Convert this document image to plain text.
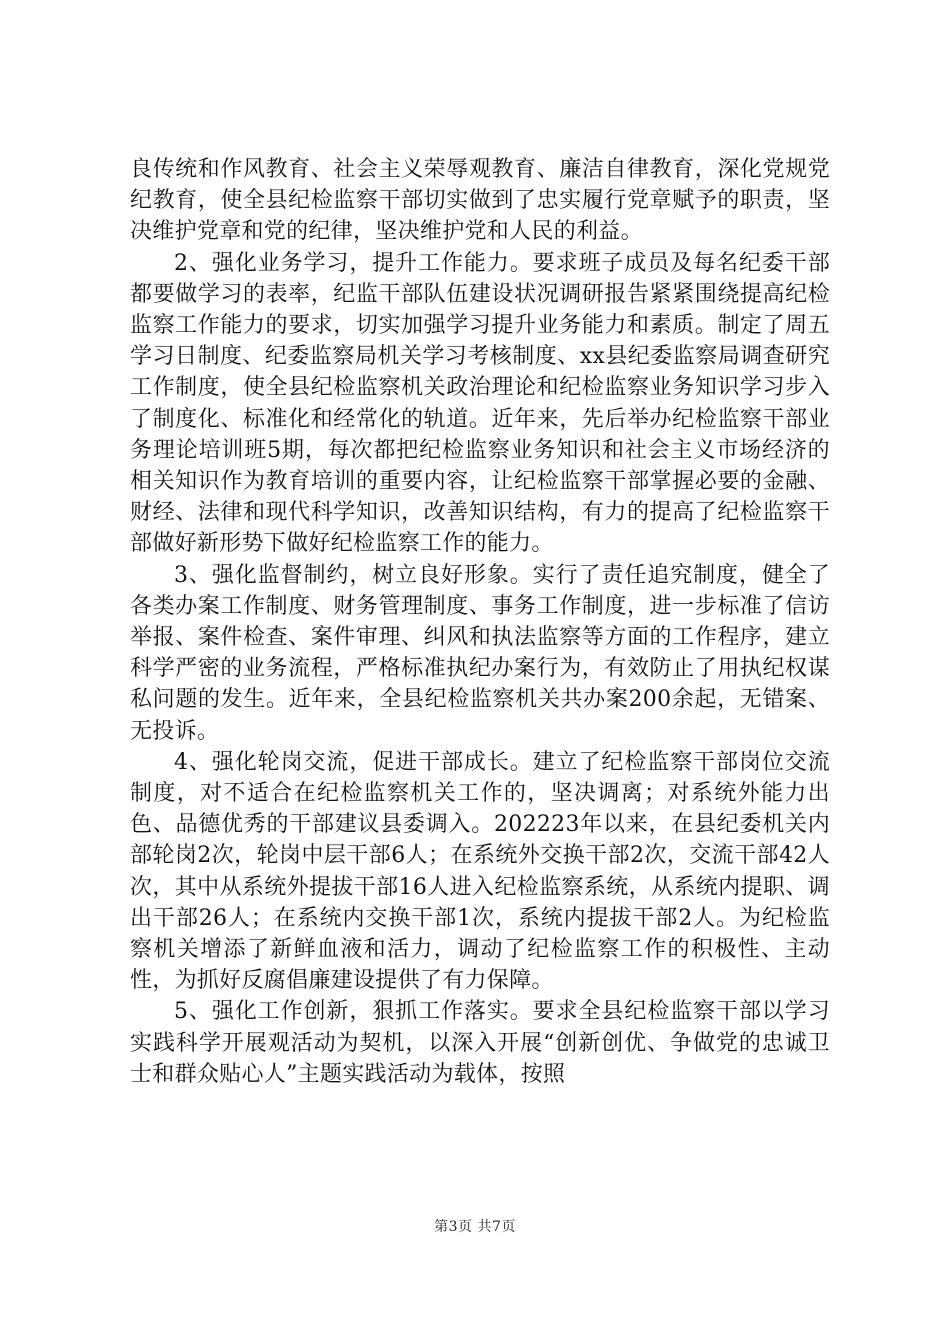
良传统和作风教育、社会主义荣辱观教育、廉洁自律教育，深化党规党纪教育，使全县纪检监察干部切实做到了忠实履行党章赋予的职责，坚决维护党章和党的纪律，坚决维护党和人民的利益。

2、强化业务学习，提升工作能力。要求班子成员及每名纪委干部都要做学习的表率，纪监干部队伍建设状况调研报告紧紧围绕提高纪检监察工作能力的要求，切实加强学习提升业务能力和素质。制定了周五学习日制度、纪委监察局机关学习考核制度、xx县纪委监察局调查研究工作制度，使全县纪检监察机关政治理论和纪检监察业务知识学习步入了制度化、标准化和经常化的轨道。近年来，先后举办纪检监察干部业务理论培训班5期，每次都把纪检监察业务知识和社会主义市场经济的相关知识作为教育培训的重要内容，让纪检监察干部掌握必要的金融、财经、法律和现代科学知识，改善知识结构，有力的提高了纪检监察干部做好新形势下做好纪检监察工作的能力。

3、强化监督制约，树立良好形象。实行了责任追究制度，健全了各类办案工作制度、财务管理制度、事务工作制度，进一步标准了信访举报、案件检查、案件审理、纠风和执法监察等方面的工作程序，建立科学严密的业务流程，严格标准执纪办案行为，有效防止了用执纪权谋私问题的发生。近年来，全县纪检监察机关共办案200余起，无错案、无投诉。

4、强化轮岗交流，促进干部成长。建立了纪检监察干部岗位交流制度，对不适合在纪检监察机关工作的，坚决调离；对系统外能力出色、品德优秀的干部建议县委调入。202223年以来，在县纪委机关内部轮岗2次，轮岗中层干部6人；在系统外交换干部2次，交流干部42人次，其中从系统外提拔干部16人进入纪检监察系统，从系统内提职、调出干部26人；在系统内交换干部1次，系统内提拔干部2人。为纪检监察机关增添了新鲜血液和活力，调动了纪检监察工作的积极性、主动性，为抓好反腐倡廉建设提供了有力保障。

5、强化工作创新，狠抓工作落实。要求全县纪检监察干部以学习实践科学开展观活动为契机，以深入开展“创新创优、争做党的忠诚卫士和群众贴心人”主题实践活动为载体，按照

第3页 共7页
